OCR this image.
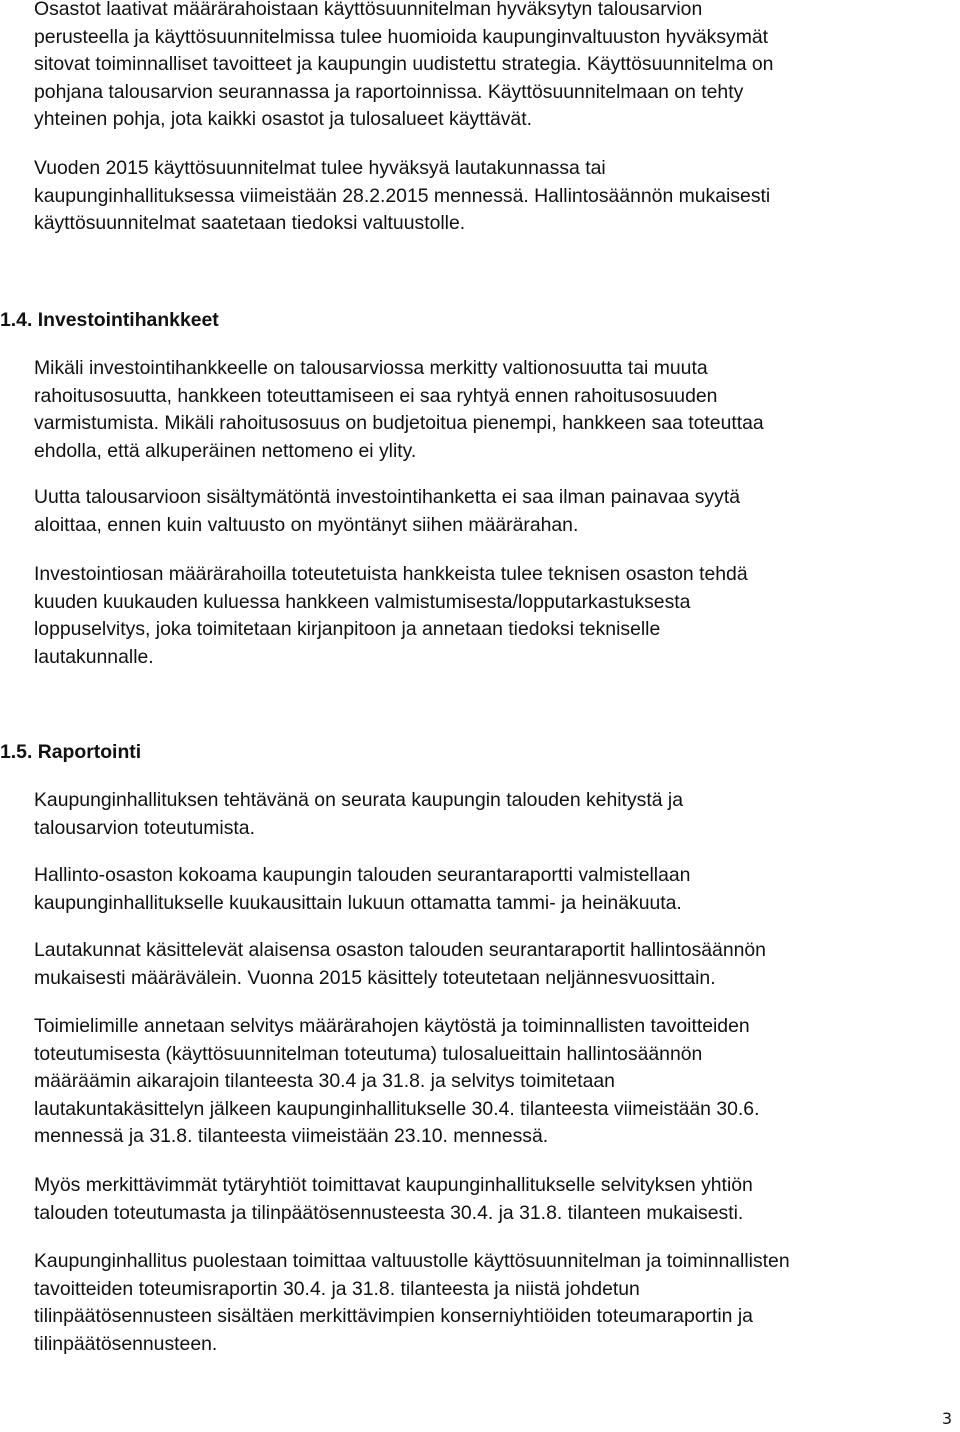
Osastot laativat määrärahoistaan käyttösuunnitelman hyväksytyn talousarvion
perusteella ja käyttösuunnitelmissa tulee huomioida kaupunginvaltuuston hyväksymät
sitovat toiminnalliset tavoitteet ja kaupungin uudistettu strategia. Käyttösuunnitelma on
pohjana talousarvion seurannassa ja raportoinnissa. Käyttösuunnitelmaan on tehty
yhteinen pohja, jota kaikki osastot ja tulosalueet käyttävät.

Vuoden 2015 käyttösuunnitelmat tulee hyväksyä lautakunnassa tai
kaupunginhallituksessa viimeistään 28.2.2015 mennessä. Hallintosäännön mukaisesti
käyttösuunnitelmat saatetaan tiedoksi valtuustolle.

1.4. Investointihankkeet

Mikäli investointihankkeelle on talousarviossa merkitty valtionosuutta tai muuta
rahoitusosuutta, hankkeen toteuttamiseen ei saa ryhtyä ennen rahoitusosuuden
varmistumista. Mikäli rahoitusosuus on budjetoitua pienempi, hankkeen saa toteuttaa
ehdolla, että alkuperäinen nettomeno ei ylity.

Uutta talousarvioon sisältymätöntä investointihanketta ei saa ilman painavaa syytä
aloittaa, ennen kuin valtuusto on myöntänyt siihen määrärahan.

Investointiosan määrärahoilla toteutetuista hankkeista tulee teknisen osaston tehdä
kuuden kuukauden kuluessa hankkeen valmistumisesta/lopputarkastuksesta
loppuselvitys, joka toimitetaan kirjanpitoon ja annetaan tiedoksi tekniselle
lautakunnalle.

1.5. Raportointi

Kaupunginhallituksen tehtävänä on seurata kaupungin talouden kehitystä ja
talousarvion toteutumista.

Hallinto-osaston kokoama kaupungin talouden seurantaraportti valmistellaan
kaupunginhallitukselle kuukausittain lukuun ottamatta tammi- ja heinäkuuta.

Lautakunnat käsittelevät alaisensa osaston talouden seurantaraportit hallintosäännön
mukaisesti määrävälein. Vuonna 2015 käsittely toteutetaan neljännesvuosittain.

Toimielimille annetaan selvitys määrärahojen käytöstä ja toiminnallisten tavoitteiden
toteutumisesta (käyttösuunnitelman toteutuma) tulosalueittain hallintosäännön
määräämin aikarajoin tilanteesta 30.4 ja 31.8. ja selvitys toimitetaan
lautakuntakäsittelyn jälkeen kaupunginhallitukselle 30.4. tilanteesta viimeistään 30.6.
mennessä ja 31.8. tilanteesta viimeistään 23.10. mennessä.

Myös merkittävimmät tytäryhtiöt toimittavat kaupunginhallitukselle selvityksen yhtiön
talouden toteutumasta ja tilinpäätösennusteesta 30.4. ja 31.8. tilanteen mukaisesti.

Kaupunginhallitus puolestaan toimittaa valtuustolle käyttösuunnitelman ja toiminnallisten
tavoitteiden toteumisraportin 30.4. ja 31.8. tilanteesta ja niistä johdetun
tilinpäätösennusteen sisältäen merkittävimpien konserniyhtiöiden toteumaraportin ja
tilinpäätösennusteen.

3
